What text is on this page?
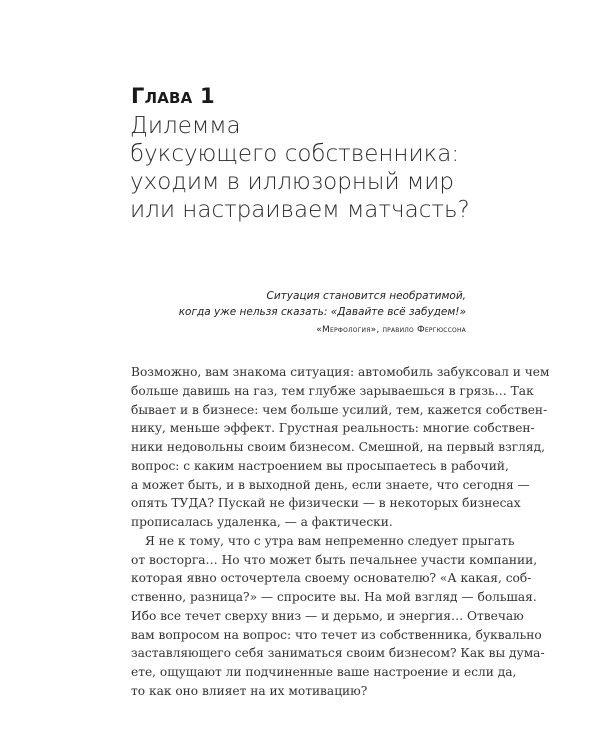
Глава 1
Дилемма
буксующего собственника:
уходим в иллюзорный мир
или настраиваем матчасть?
Ситуация становится необратимой,
когда уже нельзя сказать: «Давайте всё забудем!»
«Мерфология», правило Фергюссона
Возможно, вам знакома ситуация: автомобиль забуксовал и чем
больше давишь на газ, тем глубже зарываешься в грязь… Так
бывает и в бизнесе: чем больше усилий, тем, кажется собствен-
нику, меньше эффект. Грустная реальность: многие собствен-
ники недовольны своим бизнесом. Смешной, на первый взгляд,
вопрос: с каким настроением вы просыпаетесь в рабочий,
а может быть, и в выходной день, если знаете, что сегодня —
опять ТУДА? Пускай не физически — в некоторых бизнесах
прописалась удаленка, — а фактически.
Я не к тому, что с утра вам непременно следует прыгать
от восторга… Но что может быть печальнее участи компании,
которая явно осточертела своему основателю? «А какая, соб-
ственно, разница?» — спросите вы. На мой взгляд — большая.
Ибо все течет сверху вниз — и дерьмо, и энергия… Отвечаю
вам вопросом на вопрос: что течет из собственника, буквально
заставляющего себя заниматься своим бизнесом? Как вы дума-
ете, ощущают ли подчиненные ваше настроение и если да,
то как оно влияет на их мотивацию?
